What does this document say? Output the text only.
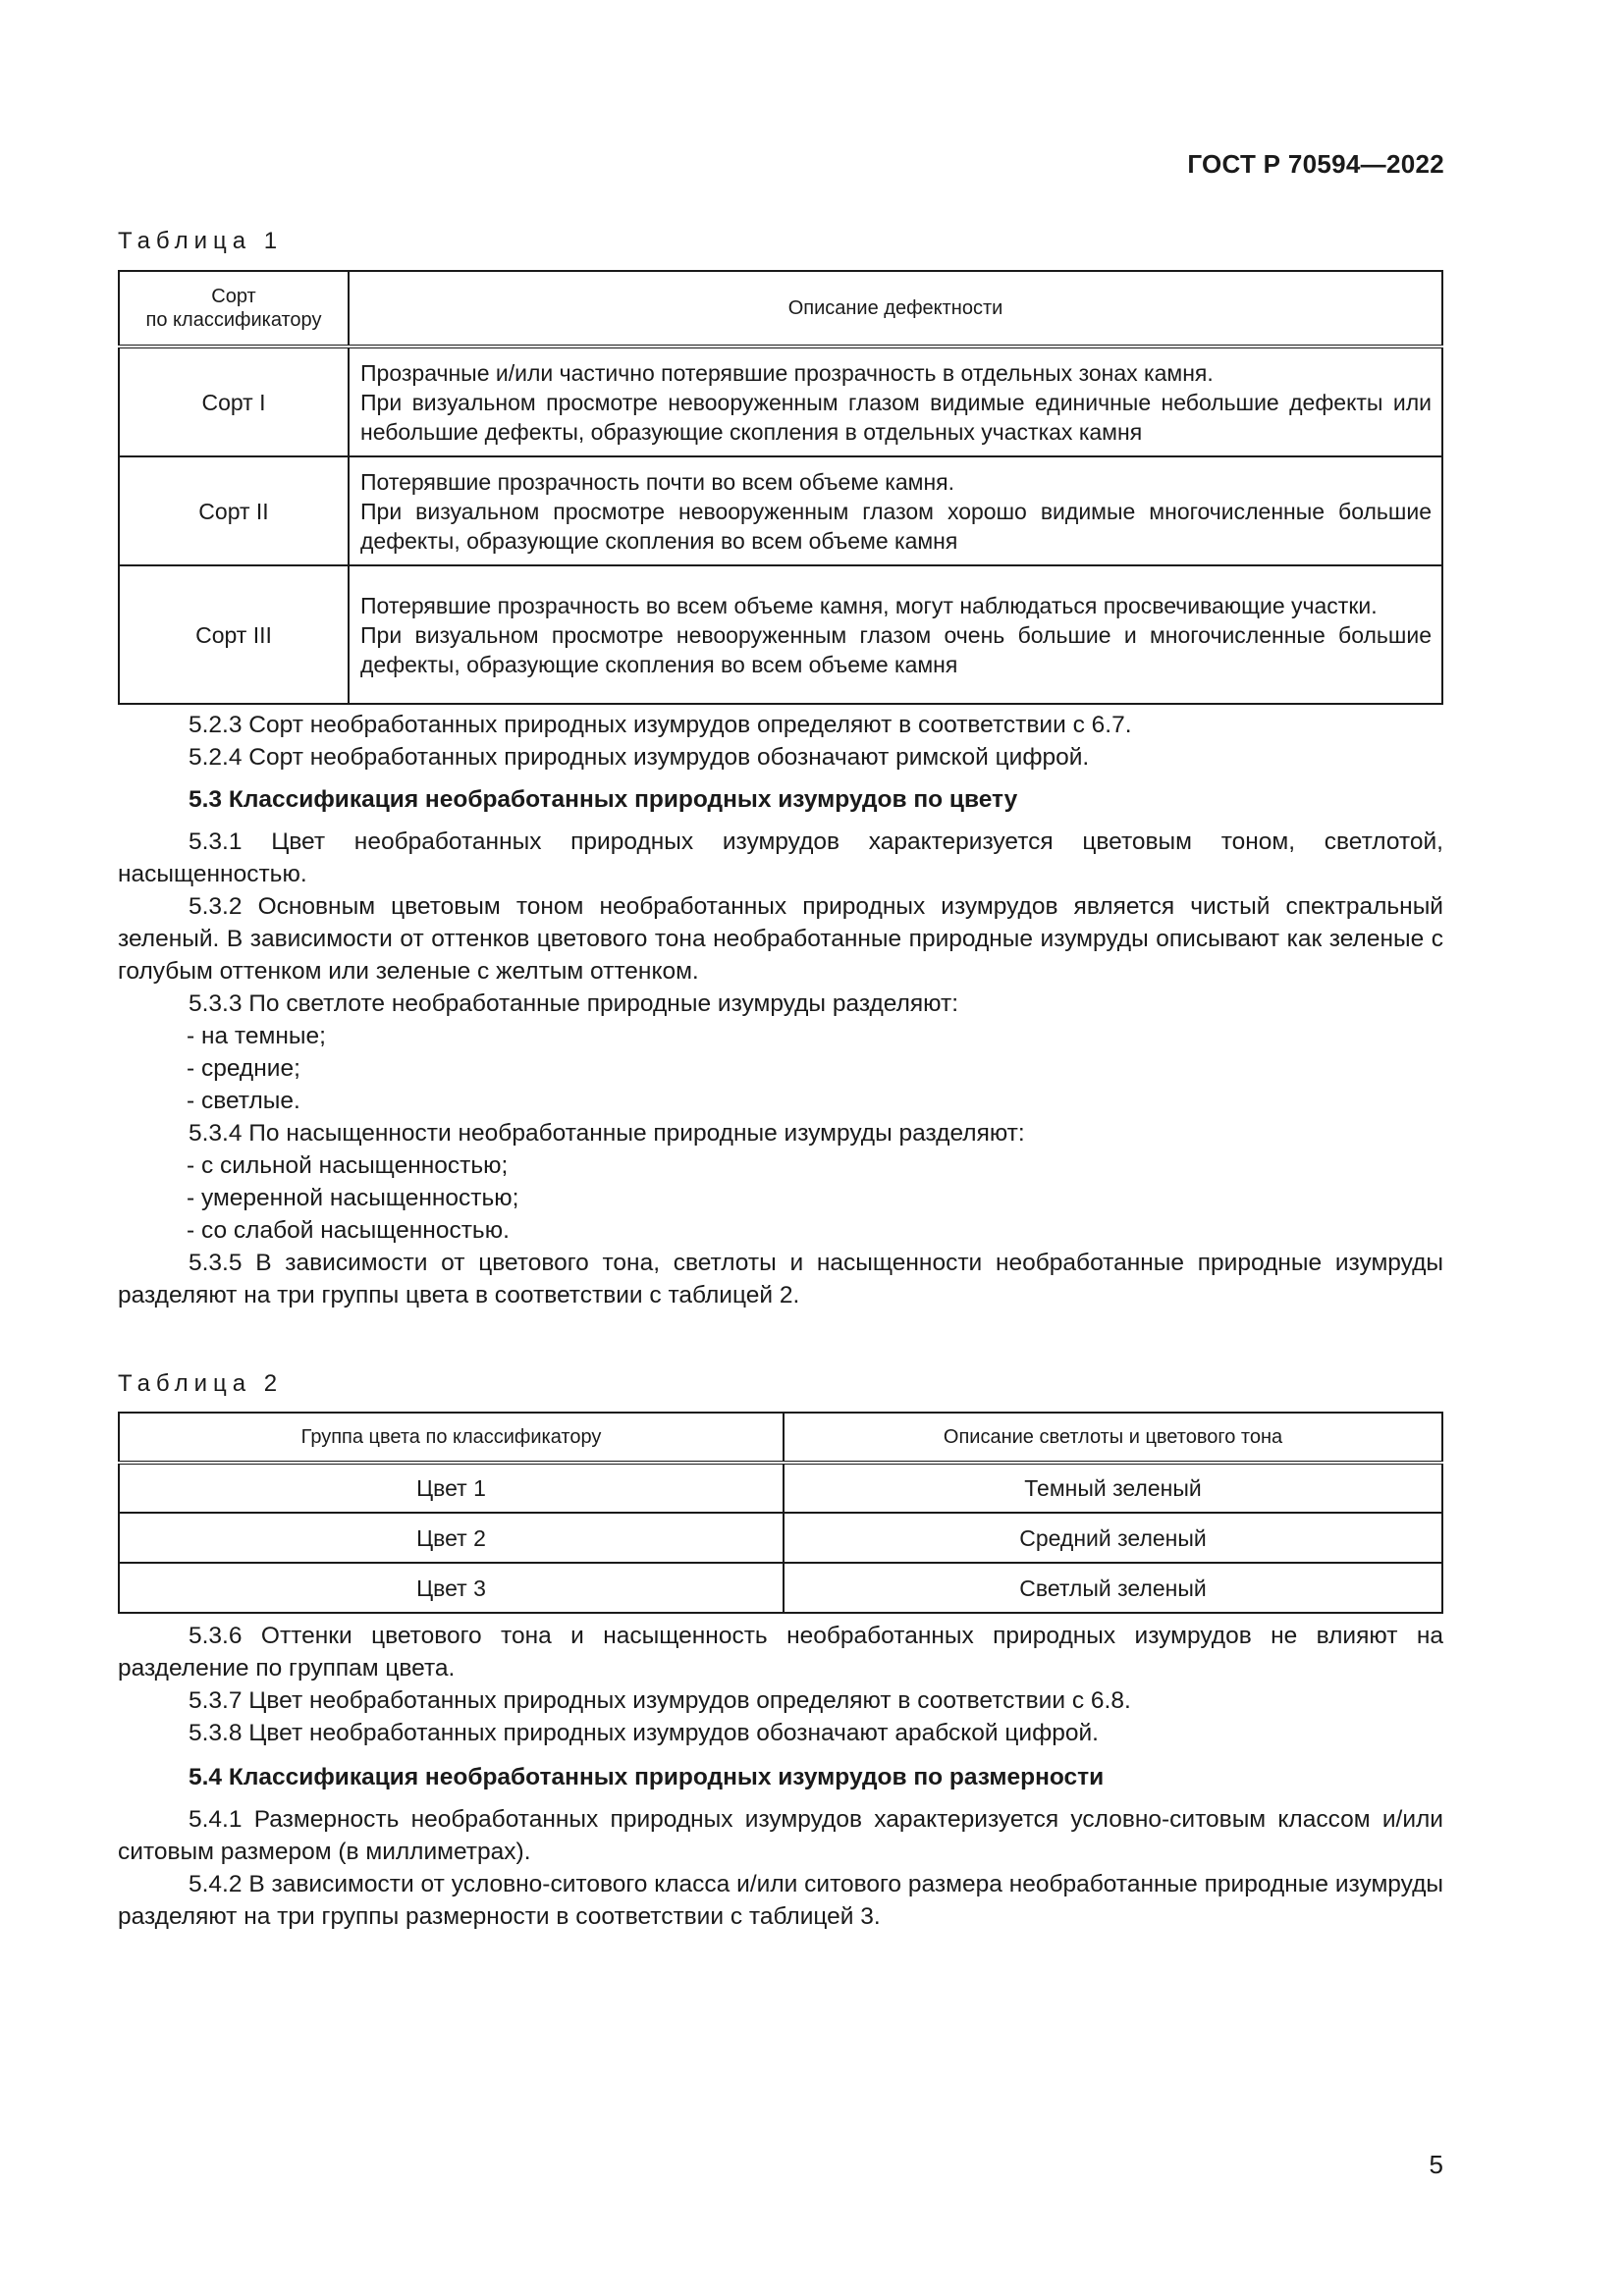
ГОСТ Р 70594—2022
Таблица 1
Сорт
по классификатору	Описание дефектности
Сорт I	Прозрачные и/или частично потерявшие прозрачность в отдельных зонах камня.
При визуальном просмотре невооруженным глазом видимые единичные небольшие дефекты или небольшие дефекты, образующие скопления в отдельных участках камня

Сорт II	Потерявшие прозрачность почти во всем объеме камня.
При визуальном просмотре невооруженным глазом хорошо видимые многочисленные большие дефекты, образующие скопления во всем объеме камня

Сорт III	Потерявшие прозрачность во всем объеме камня, могут наблюдаться просвечивающие участки.
При визуальном просмотре невооруженным глазом очень большие и многочисленные большие дефекты, образующие скопления во всем объеме камня

5.2.3 Сорт необработанных природных изумрудов определяют в соответствии с 6.7.

5.2.4 Сорт необработанных природных изумрудов обозначают римской цифрой.

5.3 Классификация необработанных природных изумрудов по цвету

5.3.1 Цвет необработанных природных изумрудов характеризуется цветовым тоном, светлотой, насыщенностью.

5.3.2 Основным цветовым тоном необработанных природных изумрудов является чистый спектральный зеленый. В зависимости от оттенков цветового тона необработанные природные изумруды описывают как зеленые с голубым оттенком или зеленые с желтым оттенком.

5.3.3 По светлоте необработанные природные изумруды разделяют:

- на темные;

- средние;

- светлые.

5.3.4 По насыщенности необработанные природные изумруды разделяют:

- с сильной насыщенностью;

- умеренной насыщенностью;

- со слабой насыщенностью.

5.3.5 В зависимости от цветового тона, светлоты и насыщенности необработанные природные изумруды разделяют на три группы цвета в соответствии с таблицей 2.

Таблица 2
Группа цвета по классификатору	Описание светлоты и цветового тона
Цвет 1	Темный зеленый
Цвет 2	Средний зеленый
Цвет 3	Светлый зеленый

5.3.6 Оттенки цветового тона и насыщенность необработанных природных изумрудов не влияют на разделение по группам цвета.

5.3.7 Цвет необработанных природных изумрудов определяют в соответствии с 6.8.

5.3.8 Цвет необработанных природных изумрудов обозначают арабской цифрой.

5.4 Классификация необработанных природных изумрудов по размерности

5.4.1 Размерность необработанных природных изумрудов характеризуется условно-ситовым классом и/или ситовым размером (в миллиметрах).

5.4.2 В зависимости от условно-ситового класса и/или ситового размера необработанные природные изумруды разделяют на три группы размерности в соответствии с таблицей 3.

5
